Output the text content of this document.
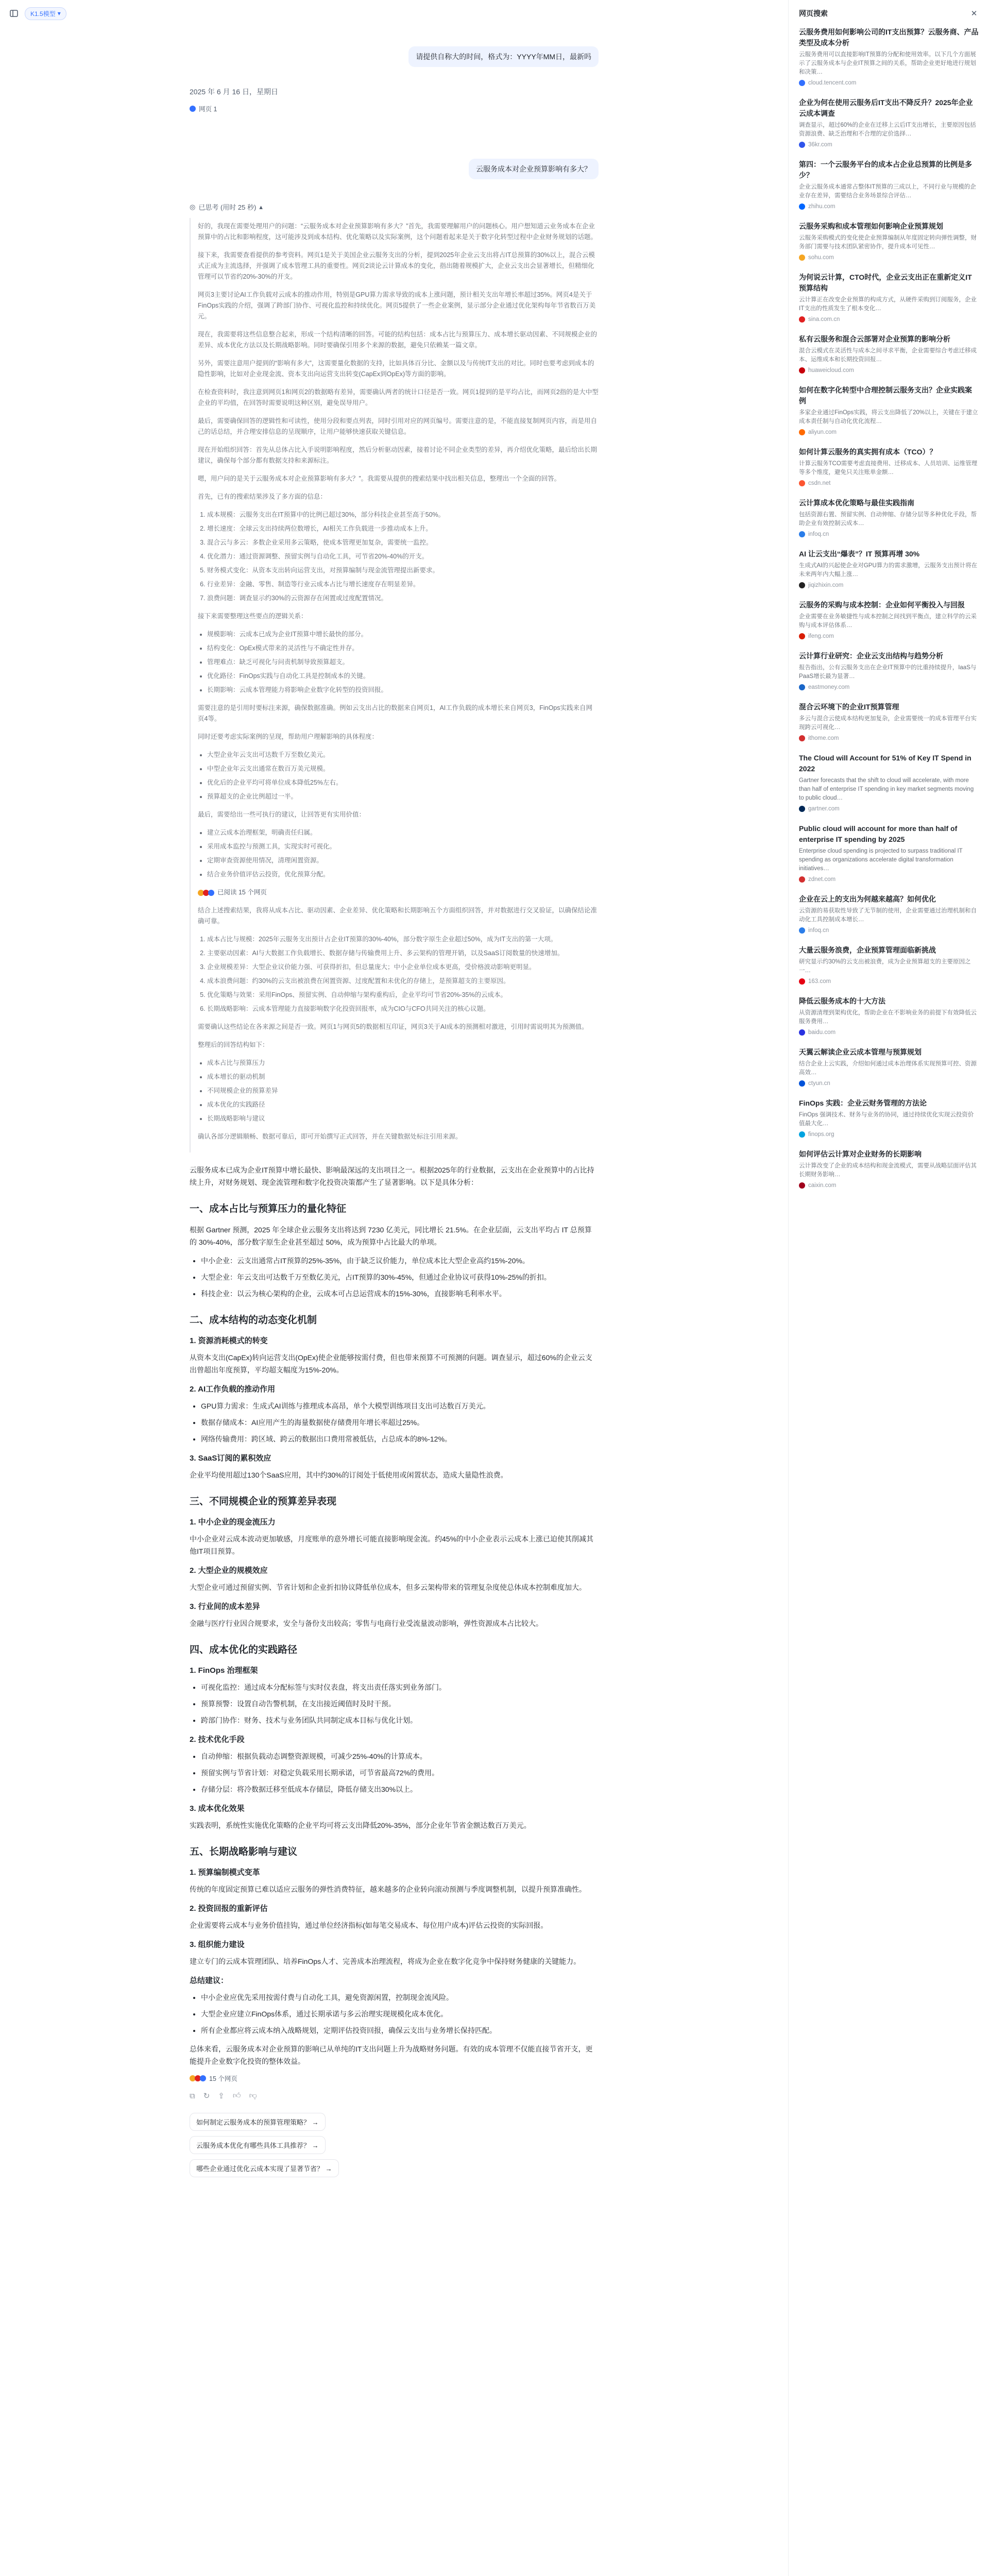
K1.5模型 ▾
请提供自称大的时间，格式为：YYYY年MM日，最新吗
2025 年 6 月 16 日，星期日
网页 1
云服务成本对企业预算影响有多大？
◎ 已思考 (用时 25 秒) ▴

好的，我现在需要处理用户的问题：“云服务成本对企业预算影响有多大？”首先，我需要理解用户的问题核心。用户想知道云业务成本在企业预算中的占比和影响程度，这可能涉及到成本结构、优化策略以及实际案例，这个问题看起来是关于数字化转型过程中企业财务规划的话题。

接下来，我需要查看提供的参考资料。网页1是关于美国企业云服务支出的分析，提到2025年企业云支出将占IT总预算的30%以上，混合云模式正成为主流选择，并强调了成本管理工具的重要性。网页2谈论云计算成本的变化，指出随着规模扩大，企业云支出会显著增长，但精细化管理可以节省约20%-30%的开支。

网页3主要讨论AI工作负载对云成本的推动作用，特别是GPU算力需求导致的成本上涨问题，预计相关支出年增长率超过35%。网页4是关于FinOps实践的介绍，强调了跨部门协作、可视化监控和持续优化。网页5提供了一些企业案例，显示部分企业通过优化架构每年节省数百万美元。

现在，我需要将这些信息整合起来，形成一个结构清晰的回答。可能的结构包括：成本占比与预算压力、成本增长驱动因素、不同规模企业的差异、成本优化方法以及长期战略影响。同时要确保引用多个来源的数据，避免只依赖某一篇文章。

另外，需要注意用户提到的“影响有多大”，这需要量化数据的支持，比如具体百分比、金额以及与传统IT支出的对比。同时也要考虑到成本的隐性影响，比如对企业现金流、资本支出向运营支出转变(CapEx到OpEx)等方面的影响。

在检查资料时，我注意到网页1和网页2的数据略有差异，需要确认两者的统计口径是否一致。网页1提到的是平均占比，而网页2指的是大中型企业的平均值，在回答时需要说明这种区别，避免误导用户。

最后，需要确保回答的逻辑性和可读性，使用分段和要点列表，同时引用对应的网页编号。需要注意的是，不能直接复制网页内容，而是用自己的话总结，并合理安排信息的呈现顺序，让用户能够快速获取关键信息。

现在开始组织回答：首先从总体占比入手说明影响程度，然后分析驱动因素，接着讨论不同企业类型的差异，再介绍优化策略，最后给出长期建议，确保每个部分都有数据支持和来源标注。

嗯，用户问的是关于云服务成本对企业预算影响有多大？”。我需要从提供的搜索结果中找出相关信息，整理出一个全面的回答。

首先，已有的搜索结果涉及了多方面的信息：

1. 成本规模：云服务支出在IT预算中的比例已超过30%，部分科技企业甚至高于50%。
2. 增长速度：全球云支出持续两位数增长，AI相关工作负载进一步推动成本上升。
3. 混合云与多云：多数企业采用多云策略，使成本管理更加复杂，需要统一监控。
4. 优化潜力：通过资源调整、预留实例与自动化工具，可节省20%-40%的开支。
5. 财务模式变化：从资本支出转向运营支出，对预算编制与现金流管理提出新要求。
6. 行业差异：金融、零售、制造等行业云成本占比与增长速度存在明显差异。
7. 浪费问题：调查显示约30%的云资源存在闲置或过度配置情况。

接下来需要整理这些要点的逻辑关系：

• 规模影响：云成本已成为企业IT预算中增长最快的部分。
• 结构变化：OpEx模式带来的灵活性与不确定性并存。
• 管理难点：缺乏可视化与问责机制导致预算超支。
• 优化路径：FinOps实践与自动化工具是控制成本的关键。
• 长期影响：云成本管理能力将影响企业数字化转型的投资回报。

需要注意的是引用时要标注来源，确保数据准确。例如云支出占比的数据来自网页1，AI工作负载的成本增长来自网页3，FinOps实践来自网页4等。

同时还要考虑实际案例的呈现，帮助用户理解影响的具体程度：

• 大型企业年云支出可达数千万至数亿美元。
• 中型企业年云支出通常在数百万美元规模。
• 优化后的企业平均可将单位成本降低25%左右。
• 预算超支的企业比例超过一半。

最后，需要给出一些可执行的建议，让回答更有实用价值：

• 建立云成本治理框架，明确责任归属。
• 采用成本监控与预测工具，实现实时可视化。
• 定期审查资源使用情况，清理闲置资源。
• 结合业务价值评估云投资，优化预算分配。
已阅读 15 个网页

结合上述搜索结果，我将从成本占比、驱动因素、企业差异、优化策略和长期影响五个方面组织回答，并对数据进行交叉验证，以确保结论准确可靠。

1. 成本占比与规模：2025年云服务支出预计占企业IT预算的30%-40%，部分数字原生企业超过50%，成为IT支出的第一大项。
2. 主要驱动因素：AI与大数据工作负载增长、数据存储与传输费用上升、多云架构的管理开销，以及SaaS订阅数量的快速增加。
3. 企业规模差异：大型企业议价能力强、可获得折扣，但总量庞大；中小企业单位成本更高，受价格波动影响更明显。
4. 成本浪费问题：约30%的云支出被浪费在闲置资源、过度配置和未优化的存储上，是预算超支的主要原因。
5. 优化策略与效果：采用FinOps、预留实例、自动伸缩与架构重构后，企业平均可节省20%-35%的云成本。
6. 长期战略影响：云成本管理能力直接影响数字化投资回报率，成为CIO与CFO共同关注的核心议题。

需要确认这些结论在各来源之间是否一致。网页1与网页5的数据相互印证，网页3关于AI成本的预测相对激进，引用时需说明其为预测值。

整理后的回答结构如下：

• 成本占比与预算压力
• 成本增长的驱动机制
• 不同规模企业的预算差异
• 成本优化的实践路径
• 长期战略影响与建议

确认各部分逻辑顺畅、数据可靠后，即可开始撰写正式回答，并在关键数据处标注引用来源。

云服务成本已成为企业IT预算中增长最快、影响最深远的支出项目之一。根据2025年的行业数据，云支出在企业预算中的占比持续上升，对财务规划、现金流管理和数字化投资决策都产生了显著影响。以下是具体分析：

一、成本占比与预算压力的量化特征

根据 Gartner 预测，2025 年全球企业云服务支出将达到 7230 亿美元，同比增长 21.5%。在企业层面，云支出平均占 IT 总预算的 30%-40%，部分数字原生企业甚至超过 50%，成为预算中占比最大的单项。

• 中小企业：云支出通常占IT预算的25%-35%，由于缺乏议价能力，单位成本比大型企业高约15%-20%。
• 大型企业：年云支出可达数千万至数亿美元，占IT预算的30%-45%，但通过企业协议可获得10%-25%的折扣。
• 科技企业：以云为核心架构的企业，云成本可占总运营成本的15%-30%，直接影响毛利率水平。
二、成本结构的动态变化机制
1. 资源消耗模式的转变

从资本支出(CapEx)转向运营支出(OpEx)使企业能够按需付费，但也带来预算不可预测的问题。调查显示，超过60%的企业云支出曾超出年度预算，平均超支幅度为15%-20%。

2. AI工作负载的推动作用
• GPU算力需求：生成式AI训练与推理成本高昂，单个大模型训练项目支出可达数百万美元。
• 数据存储成本：AI应用产生的海量数据使存储费用年增长率超过25%。
• 网络传输费用：跨区域、跨云的数据出口费用常被低估，占总成本的8%-12%。
3. SaaS订阅的累积效应

企业平均使用超过130个SaaS应用，其中约30%的订阅处于低使用或闲置状态，造成大量隐性浪费。

三、不同规模企业的预算差异表现
1. 中小企业的现金流压力

中小企业对云成本波动更加敏感，月度账单的意外增长可能直接影响现金流。约45%的中小企业表示云成本上涨已迫使其削减其他IT项目预算。

2. 大型企业的规模效应

大型企业可通过预留实例、节省计划和企业折扣协议降低单位成本，但多云架构带来的管理复杂度使总体成本控制难度加大。

3. 行业间的成本差异

金融与医疗行业因合规要求，安全与备份支出较高；零售与电商行业受流量波动影响，弹性资源成本占比较大。

四、成本优化的实践路径
1. FinOps 治理框架
• 可视化监控：通过成本分配标签与实时仪表盘，将支出责任落实到业务部门。
• 预算预警：设置自动告警机制，在支出接近阈值时及时干预。
• 跨部门协作：财务、技术与业务团队共同制定成本目标与优化计划。
2. 技术优化手段
• 自动伸缩：根据负载动态调整资源规模，可减少25%-40%的计算成本。
• 预留实例与节省计划：对稳定负载采用长期承诺，可节省最高72%的费用。
• 存储分层：将冷数据迁移至低成本存储层，降低存储支出30%以上。
3. 成本优化效果

实践表明，系统性实施优化策略的企业平均可将云支出降低20%-35%，部分企业年节省金额达数百万美元。

五、长期战略影响与建议
1. 预算编制模式变革

传统的年度固定预算已难以适应云服务的弹性消费特征，越来越多的企业转向滚动预测与季度调整机制，以提升预算准确性。

2. 投资回报的重新评估

企业需要将云成本与业务价值挂钩，通过单位经济指标(如每笔交易成本、每位用户成本)评估云投资的实际回报。

3. 组织能力建设

建立专门的云成本管理团队、培养FinOps人才、完善成本治理流程，将成为企业在数字化竞争中保持财务健康的关键能力。

总结建议：
• 中小企业应优先采用按需付费与自动化工具，避免资源闲置，控制现金流风险。
• 大型企业应建立FinOps体系，通过长期承诺与多云治理实现规模化成本优化。
• 所有企业都应将云成本纳入战略规划，定期评估投资回报，确保云支出与业务增长保持匹配。

总体来看，云服务成本对企业预算的影响已从单纯的IT支出问题上升为战略财务问题。有效的成本管理不仅能直接节省开支，更能提升企业数字化投资的整体效益。

15 个网页
⧉ ↻ ⇪ 👍︎ 👎︎
如何制定云服务成本的预算管理策略？ →
云服务成本优化有哪些具体工具推荐？ →
哪些企业通过优化云成本实现了显著节省？ →
网页搜索	✕
云服务费用如何影响公司的IT支出预算？云服务商、产品类型及成本分析
云服务费用可以直接影响IT预算的分配和使用效率。以下几个方面展示了云服务成本与企业IT预算之间的关系，帮助企业更好地进行规划和决策…
cloud.tencent.com
企业为何在使用云服务后IT支出不降反升？2025年企业云成本调查
调查显示，超过60%的企业在迁移上云后IT支出增长，主要原因包括资源浪费、缺乏治理和不合理的定价选择…
36kr.com
第四：一个云服务平台的成本占企业总预算的比例是多少？
企业云服务成本通常占整体IT预算的三成以上，不同行业与规模的企业存在差异，需要结合业务场景综合评估…
zhihu.com
云服务采购和成本管理如何影响企业预算规划
云服务采购模式的变化使企业预算编制从年度固定转向弹性调整，财务部门需要与技术团队紧密协作，提升成本可见性…
sohu.com
为何说云计算，CTO时代，企业云支出正在重新定义IT预算结构
云计算正在改变企业预算的构成方式，从硬件采购到订阅服务，企业IT支出的性质发生了根本变化…
sina.com.cn
私有云服务和混合云部署对企业预算的影响分析
混合云模式在灵活性与成本之间寻求平衡，企业需要综合考虑迁移成本、运维成本和长期投资回报…
huaweicloud.com
如何在数字化转型中合理控制云服务支出？企业实践案例
多家企业通过FinOps实践，将云支出降低了20%以上，关键在于建立成本责任制与自动化优化流程…
aliyun.com
如何计算云服务的真实拥有成本（TCO）？
计算云服务TCO需要考虑直接费用、迁移成本、人员培训、运维管理等多个维度，避免只关注账单金额…
csdn.net
云计算成本优化策略与最佳实践指南
包括资源右置、预留实例、自动伸缩、存储分层等多种优化手段，帮助企业有效控制云成本…
infoq.cn
AI 让云支出“爆表”？IT 预算再增 30%
生成式AI的兴起使企业对GPU算力的需求激增，云服务支出预计将在未来两年内大幅上涨…
jiqizhixin.com
云服务的采购与成本控制：企业如何平衡投入与回报
企业需要在业务敏捷性与成本控制之间找到平衡点，建立科学的云采购与成本评估体系…
ifeng.com
云计算行业研究：企业云支出结构与趋势分析
报告指出，公有云服务支出在企业IT预算中的比重持续提升，IaaS与PaaS增长最为显著…
eastmoney.com
混合云环境下的企业IT预算管理
多云与混合云使成本结构更加复杂，企业需要统一的成本管理平台实现跨云可视化…
ithome.com
The Cloud will Account for 51% of Key IT Spend in 2022
Gartner forecasts that the shift to cloud will accelerate, with more than half of enterprise IT spending in key market segments moving to public cloud…
gartner.com
Public cloud will account for more than half of enterprise IT spending by 2025
Enterprise cloud spending is projected to surpass traditional IT spending as organizations accelerate digital transformation initiatives…
zdnet.com
企业在云上的支出为何越来越高？如何优化
云资源的易获取性导致了无节制的使用，企业需要通过治理机制和自动化工具控制成本增长…
infoq.cn
大量云服务浪费，企业预算管理面临新挑战
研究显示约30%的云支出被浪费，成为企业预算超支的主要原因之一…
163.com
降低云服务成本的十大方法
从资源清理到架构优化，帮助企业在不影响业务的前提下有效降低云服务费用…
baidu.com
天翼云解读企业云成本管理与预算规划
结合企业上云实践，介绍如何通过成本治理体系实现预算可控、资源高效…
ctyun.cn
FinOps 实践：企业云财务管理的方法论
FinOps 强调技术、财务与业务的协同，通过持续优化实现云投资价值最大化…
finops.org
如何评估云计算对企业财务的长期影响
云计算改变了企业的成本结构和现金流模式，需要从战略层面评估其长期财务影响…
caixin.com
